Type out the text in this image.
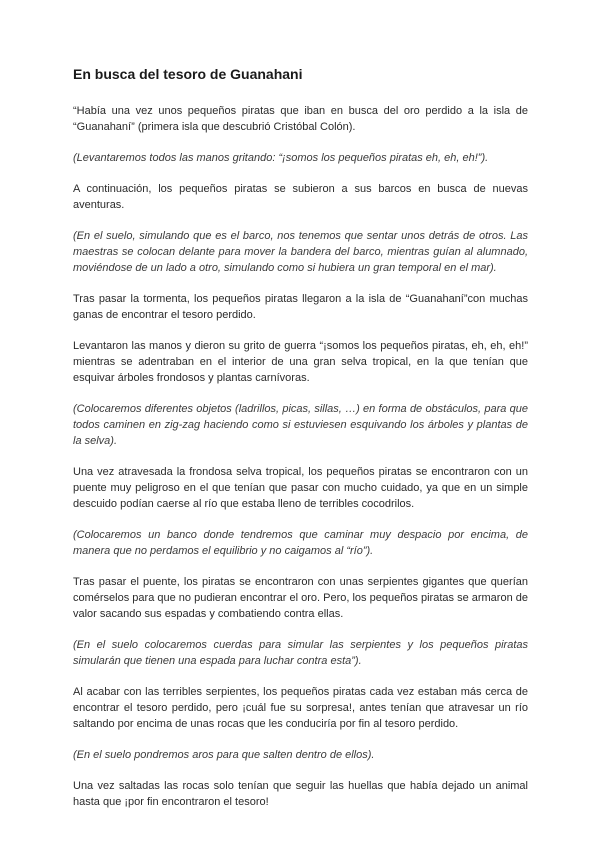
En busca del tesoro de Guanahani

“Había una vez unos pequeños piratas que iban en busca del oro perdido a la isla de “Guanahaní” (primera isla que descubrió Cristóbal Colón).

(Levantaremos todos las manos gritando: “¡somos los pequeños piratas eh, eh, eh!”).

A continuación, los pequeños piratas se subieron a sus barcos en busca de nuevas aventuras.

(En el suelo, simulando que es el barco, nos tenemos que sentar unos detrás de otros. Las maestras se colocan delante para mover la bandera del barco, mientras guían al alumnado, moviéndose de un lado a otro, simulando como si hubiera un gran temporal en el mar).

Tras pasar la tormenta, los pequeños piratas llegaron a la isla de “Guanahaní”con muchas ganas de encontrar el tesoro perdido.

Levantaron las manos y dieron su grito de guerra “¡somos los pequeños piratas, eh, eh, eh!” mientras se adentraban en el interior de una gran selva tropical, en la que tenían que esquivar árboles frondosos y plantas carnívoras.

(Colocaremos diferentes objetos (ladrillos, picas, sillas, …) en forma de obstáculos, para que todos caminen en zig-zag haciendo como si estuviesen esquivando los árboles y plantas de la selva).

Una vez atravesada la frondosa selva tropical, los pequeños piratas se encontraron con un puente muy peligroso en el que tenían que pasar con mucho cuidado, ya que en un simple descuido podían caerse al río que estaba lleno de terribles cocodrilos.

(Colocaremos un banco donde tendremos que caminar muy despacio por encima, de manera que no perdamos el equilibrio y no caigamos al “río”).

Tras pasar el puente, los piratas se encontraron con unas serpientes gigantes que querían comérselos para que no pudieran encontrar el oro. Pero, los pequeños piratas se armaron de valor sacando sus espadas y combatiendo contra ellas.

(En el suelo colocaremos cuerdas para simular las serpientes y los pequeños piratas simularán que tienen una espada para luchar contra esta”).

Al acabar con las terribles serpientes, los pequeños piratas cada vez estaban más cerca de encontrar el tesoro perdido, pero ¡cuál fue su sorpresa!, antes tenían que atravesar un río saltando por encima de unas rocas que les conduciría por fin al tesoro perdido.

(En el suelo pondremos aros para que salten dentro de ellos).

Una vez saltadas las rocas solo tenían que seguir las huellas que había dejado un animal hasta que ¡por fin encontraron el tesoro!
